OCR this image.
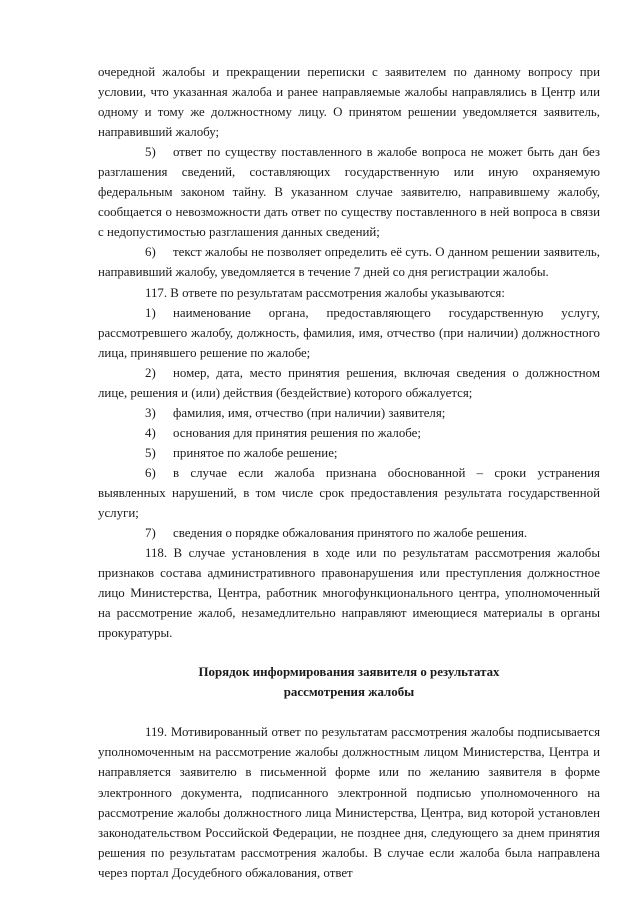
очередной жалобы и прекращении переписки с заявителем по данному вопросу при условии, что указанная жалоба и ранее направляемые жалобы направлялись в Центр или одному и тому же должностному лицу. О принятом решении уведомляется заявитель, направивший жалобу;

5) ответ по существу поставленного в жалобе вопроса не может быть дан без разглашения сведений, составляющих государственную или иную охраняемую федеральным законом тайну. В указанном случае заявителю, направившему жалобу, сообщается о невозможности дать ответ по существу поставленного в ней вопроса в связи с недопустимостью разглашения данных сведений;

6) текст жалобы не позволяет определить её суть. О данном решении заявитель, направивший жалобу, уведомляется в течение 7 дней со дня регистрации жалобы.

117. В ответе по результатам рассмотрения жалобы указываются:

1) наименование органа, предоставляющего государственную услугу, рассмотревшего жалобу, должность, фамилия, имя, отчество (при наличии) должностного лица, принявшего решение по жалобе;

2) номер, дата, место принятия решения, включая сведения о должностном лице, решения и (или) действия (бездействие) которого обжалуется;

3) фамилия, имя, отчество (при наличии) заявителя;

4) основания для принятия решения по жалобе;

5) принятое по жалобе решение;

6) в случае если жалоба признана обоснованной – сроки устранения выявленных нарушений, в том числе срок предоставления результата государственной услуги;

7) сведения о порядке обжалования принятого по жалобе решения.

118. В случае установления в ходе или по результатам рассмотрения жалобы признаков состава административного правонарушения или преступления должностное лицо Министерства, Центра, работник многофункционального центра, уполномоченный на рассмотрение жалоб, незамедлительно направляют имеющиеся материалы в органы прокуратуры.

Порядок информирования заявителя о результатах
рассмотрения жалобы

119. Мотивированный ответ по результатам рассмотрения жалобы подписывается уполномоченным на рассмотрение жалобы должностным лицом Министерства, Центра и направляется заявителю в письменной форме или по желанию заявителя в форме электронного документа, подписанного электронной подписью уполномоченного на рассмотрение жалобы должностного лица Министерства, Центра, вид которой установлен законодательством Российской Федерации, не позднее дня, следующего за днем принятия решения по результатам рассмотрения жалобы. В случае если жалоба была направлена через портал Досудебного обжалования, ответ
